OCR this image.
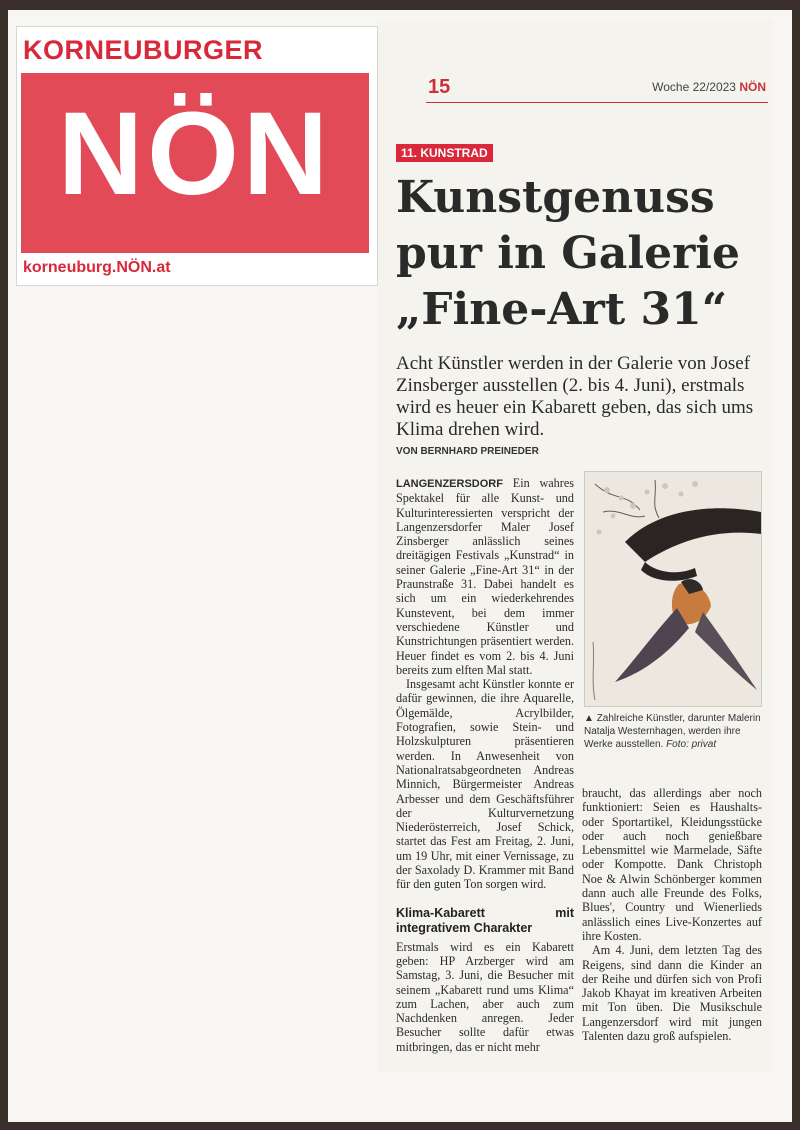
KORNEUBURGER
NÖN
korneuburg.NÖN.at
15	Woche 22/2023 NÖN
11. KUNSTRAD
Kunstgenuss
pur in Galerie
„Fine-Art 31“
Acht Künstler werden in der Galerie von Josef Zinsberger ausstellen (2. bis 4. Juni), erstmals wird es heuer ein Kabarett geben, das sich ums Klima drehen wird.
VON BERNHARD PREINEDER

LANGENZERSDORF Ein wahres Spektakel für alle Kunst- und Kulturinteressierten verspricht der Langenzersdorfer Maler Josef Zinsberger anlässlich seines dreitägigen Festivals „Kunstrad“ in seiner Galerie „Fine-Art 31“ in der Praunstraße 31. Dabei handelt es sich um ein wiederkehrendes Kunstevent, bei dem immer verschiedene Künstler und Kunstrichtungen präsentiert werden. Heuer findet es vom 2. bis 4. Juni bereits zum elften Mal statt.

Insgesamt acht Künstler konnte er dafür gewinnen, die ihre Aquarelle, Ölgemälde, Acrylbilder, Fotografien, sowie Stein- und Holzskulpturen präsentieren werden. In Anwesenheit von Nationalratsabgeordneten Andreas Minnich, Bürgermeister Andreas Arbesser und dem Geschäftsführer der Kulturvernetzung Niederösterreich, Josef Schick, startet das Fest am Freitag, 2. Juni, um 19 Uhr, mit einer Vernissage, zu der Saxolady D. Krammer mit Band für den guten Ton sorgen wird.

Klima-Kabarett mit integrativem Charakter

Erstmals wird es ein Kabarett geben: HP Arzberger wird am Samstag, 3. Juni, die Besucher mit seinem „Kabarett rund ums Klima“ zum Lachen, aber auch zum Nachdenken anregen. Jeder Besucher sollte dafür etwas mitbringen, das er nicht mehr

▲ Zahlreiche Künstler, darunter Malerin Natalja Westernhagen, werden ihre Werke ausstellen. Foto: privat

braucht, das allerdings aber noch funktioniert: Seien es Haushalts- oder Sportartikel, Kleidungsstücke oder auch noch genießbare Lebensmittel wie Marmelade, Säfte oder Kompotte. Dank Christoph Noe & Alwin Schönberger kommen dann auch alle Freunde des Folks, Blues', Country und Wienerlieds anlässlich eines Live-Konzertes auf ihre Kosten.

Am 4. Juni, dem letzten Tag des Reigens, sind dann die Kinder an der Reihe und dürfen sich von Profi Jakob Khayat im kreativen Arbeiten mit Ton üben. Die Musikschule Langenzersdorf wird mit jungen Talenten dazu groß aufspielen.
